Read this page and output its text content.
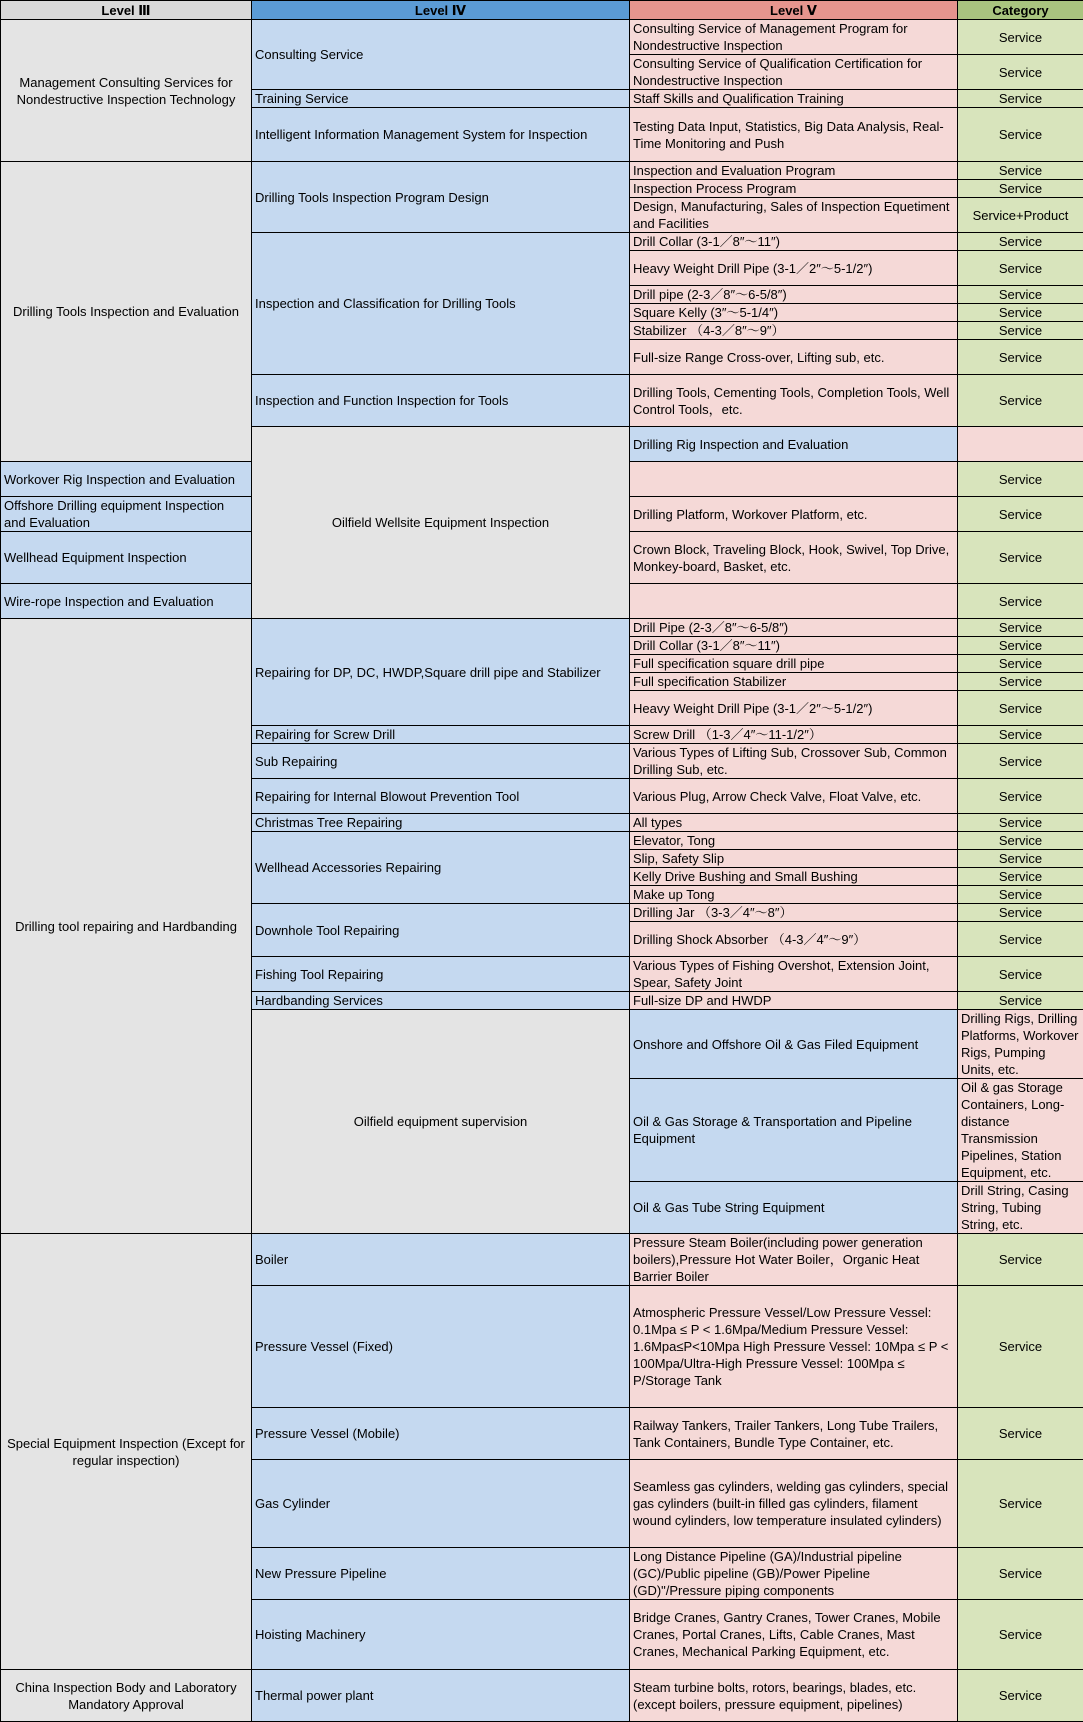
Level Ⅲ	Level Ⅳ	Level Ⅴ	Category	
Management Consulting Services for Nondestructive Inspection Technology	Consulting Service	Consulting Service of Management Program for Nondestructive Inspection	Service	
		Consulting Service of Qualification Certification for Nondestructive Inspection	Service	
	Training Service	Staff Skills and Qualification Training	Service	
	Intelligent Information Management System for Inspection	Testing Data Input, Statistics, Big Data Analysis, Real-Time Monitoring and Push	Service	
Drilling Tools Inspection and Evaluation	Drilling Tools Inspection Program Design	Inspection and Evaluation Program	Service	
		Inspection Process Program	Service	
		Design, Manufacturing, Sales of Inspection Equetiment and Facilities	Service+Product	
	Inspection and Classification for Drilling Tools	Drill Collar (3-1／8″～11″)	Service	
		Heavy Weight Drill Pipe (3-1／2″～5-1/2″)	Service	
		Drill pipe (2-3／8″～6-5/8″)	Service	
		Square Kelly (3″～5-1/4″)	Service	
		Stabilizer （4-3／8″～9″）	Service	
		Full-size Range Cross-over, Lifting sub, etc.	Service	
	Inspection and Function Inspection for Tools	Drilling Tools, Cementing Tools, Completion Tools, Well Control Tools，etc.	Service	
	Oilfield Wellsite Equipment Inspection	Drilling Rig Inspection and Evaluation		
Workover Rig Inspection and Evaluation			Service	
Offshore Drilling equipment Inspection and Evaluation		Drilling Platform, Workover Platform, etc.	Service	
Wellhead Equipment Inspection		Crown Block, Traveling Block, Hook, Swivel, Top Drive, Monkey-board, Basket, etc.	Service	
Wire-rope Inspection and Evaluation			Service	
Drilling tool repairing and Hardbanding	Repairing for DP, DC, HWDP,Square drill pipe and Stabilizer	Drill Pipe (2-3／8″～6-5/8″)	Service	
		Drill Collar (3-1／8″～11″)	Service	
		Full specification square drill pipe	Service	
		Full specification Stabilizer	Service	
		Heavy Weight Drill Pipe (3-1／2″～5-1/2″)	Service	
	Repairing for Screw Drill	Screw Drill （1-3／4″～11-1/2″）	Service	
	Sub Repairing	Various Types of Lifting Sub, Crossover Sub, Common Drilling Sub, etc.	Service	
	Repairing for Internal Blowout Prevention Tool	Various Plug, Arrow Check Valve, Float Valve, etc.	Service	
	Christmas Tree Repairing	All types	Service	
	Wellhead Accessories Repairing	Elevator, Tong	Service	
		Slip, Safety Slip	Service	
		Kelly Drive Bushing and Small Bushing	Service	
		Make up Tong	Service	
	Downhole Tool Repairing	Drilling Jar （3-3／4″～8″）	Service	
		Drilling Shock Absorber （4-3／4″～9″）	Service	
	Fishing Tool Repairing	Various Types of Fishing Overshot, Extension Joint, Spear, Safety Joint	Service	
	Hardbanding Services	Full-size DP and HWDP	Service	
	Oilfield equipment supervision	Onshore and Offshore Oil & Gas Filed Equipment	Drilling Rigs, Drilling Platforms, Workover Rigs, Pumping Units, etc.	
		Oil & Gas Storage & Transportation and Pipeline Equipment	Oil & gas Storage Containers, Long-distance Transmission Pipelines, Station Equipment, etc.	
		Oil & Gas Tube String Equipment	Drill String, Casing String, Tubing String, etc.	
Special Equipment Inspection (Except for regular inspection)	Boiler	Pressure Steam Boiler(including power generation boilers),Pressure Hot Water Boiler，Organic Heat Barrier Boiler	Service	
	Pressure Vessel (Fixed)	Atmospheric Pressure Vessel/Low Pressure Vessel: 0.1Mpa ≤ P < 1.6Mpa/Medium Pressure Vessel: 1.6Mpa≤P<10Mpa High Pressure Vessel: 10Mpa ≤ P < 100Mpa/Ultra-High Pressure Vessel: 100Mpa ≤ P/Storage Tank	Service	
	Pressure Vessel (Mobile)	Railway Tankers, Trailer Tankers, Long Tube Trailers, Tank Containers, Bundle Type Container, etc.	Service	
	Gas Cylinder	Seamless gas cylinders, welding gas cylinders, special gas cylinders (built-in filled gas cylinders, filament wound cylinders, low temperature insulated cylinders)	Service	
	New Pressure Pipeline	Long Distance Pipeline (GA)/Industrial pipeline (GC)/Public pipeline (GB)/Power Pipeline (GD)"/Pressure piping components	Service	
	Hoisting Machinery	Bridge Cranes, Gantry Cranes, Tower Cranes, Mobile Cranes, Portal Cranes, Lifts, Cable Cranes, Mast Cranes, Mechanical Parking Equipment, etc.	Service	
China Inspection Body and Laboratory Mandatory Approval	Thermal power plant	Steam turbine bolts, rotors, bearings, blades, etc. (except boilers, pressure equipment, pipelines)	Service	
